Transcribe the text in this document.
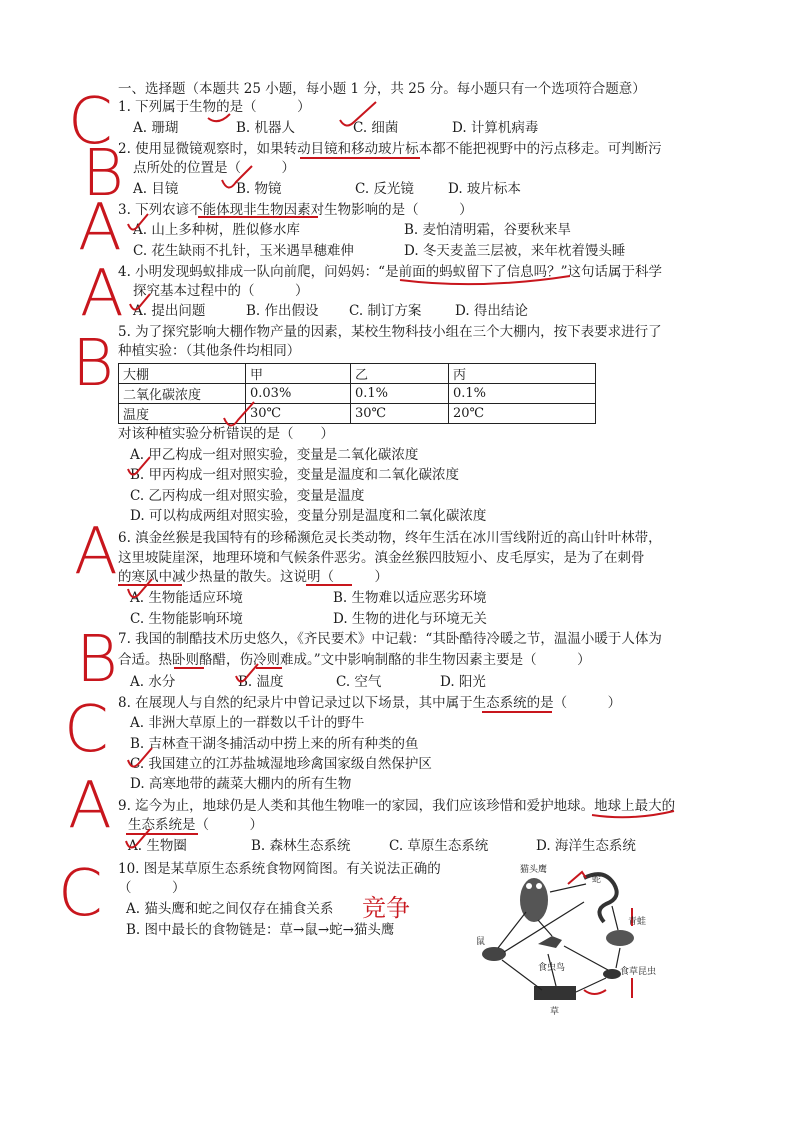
C
B
A
A
B
A
B
C
A
C
一、选择题（本题共 25 小题，每小题 1 分，共 25 分。每小题只有一个选项符合题意）
1. 下列属于生物的是（　　　）
A. 珊瑚	B. 机器人	C. 细菌	D. 计算机病毒
2. 使用显微镜观察时，如果转动目镜和移动玻片标本都不能把视野中的污点移走。可判断污
点所处的位置是（　　　）
A. 目镜	B. 物镜	C. 反光镜	D. 玻片标本
3. 下列农谚不能体现非生物因素对生物影响的是（　　　）
A. 山上多种树，胜似修水库	B. 麦怕清明霜，谷要秋来旱
C. 花生缺雨不扎针，玉米遇旱穗难伸	D. 冬天麦盖三层被，来年枕着馒头睡
4. 小明发现蚂蚁排成一队向前爬，问妈妈：“是前面的蚂蚁留下了信息吗？”这句话属于科学
探究基本过程中的（　　　）
A. 提出问题	B. 作出假设 C. 制订方案 D. 得出结论
5. 为了探究影响大棚作物产量的因素，某校生物科技小组在三个大棚内，按下表要求进行了
种植实验：（其他条件均相同）
大棚	甲	乙	丙
二氧化碳浓度	0.03%	0.1%	0.1%
温度	30℃	30℃	20℃
对该种植实验分析错误的是（　　）
A. 甲乙构成一组对照实验，变量是二氧化碳浓度
B. 甲丙构成一组对照实验，变量是温度和二氧化碳浓度
C. 乙丙构成一组对照实验，变量是温度
D. 可以构成两组对照实验，变量分别是温度和二氧化碳浓度
6. 滇金丝猴是我国特有的珍稀濒危灵长类动物，终年生活在冰川雪线附近的高山针叶林带，
这里坡陡崖深，地理环境和气候条件恶劣。滇金丝猴四肢短小、皮毛厚实，是为了在刺骨
的寒风中减少热量的散失。这说明（　　　）
A. 生物能适应环境	B. 生物难以适应恶劣环境
C. 生物能影响环境	D. 生物的进化与环境无关
7. 我国的制酷技术历史悠久，《齐民要术》中记载：“其卧酷待冷暖之节，温温小暖于人体为
合适。热卧则酪醋，伤冷则难成。”文中影响制酪的非生物因素主要是（　　　）
A. 水分	B. 温度	C. 空气	D. 阳光
8. 在展现人与自然的纪录片中曾记录过以下场景，其中属于生态系统的是（　　　）
A. 非洲大草原上的一群数以千计的野牛
B. 吉林查干湖冬捕活动中捞上来的所有种类的鱼
C. 我国建立的江苏盐城湿地珍禽国家级自然保护区
D. 高寒地带的蔬菜大棚内的所有生物
9. 迄今为止，地球仍是人类和其他生物唯一的家园，我们应该珍惜和爱护地球。地球上最大的
生态系统是（　　　）
A. 生物圈	B. 森林生态系统	C. 草原生态系统	D. 海洋生态系统
10. 图是某草原生态系统食物网简图。有关说法正确的
（　　　）
A. 猫头鹰和蛇之间仅存在捕食关系 竞争
B. 图中最长的食物链是：草→鼠→蛇→猫头鹰
猫头鹰
蛇
青蛙
鼠
食虫鸟	食草昆虫
草
